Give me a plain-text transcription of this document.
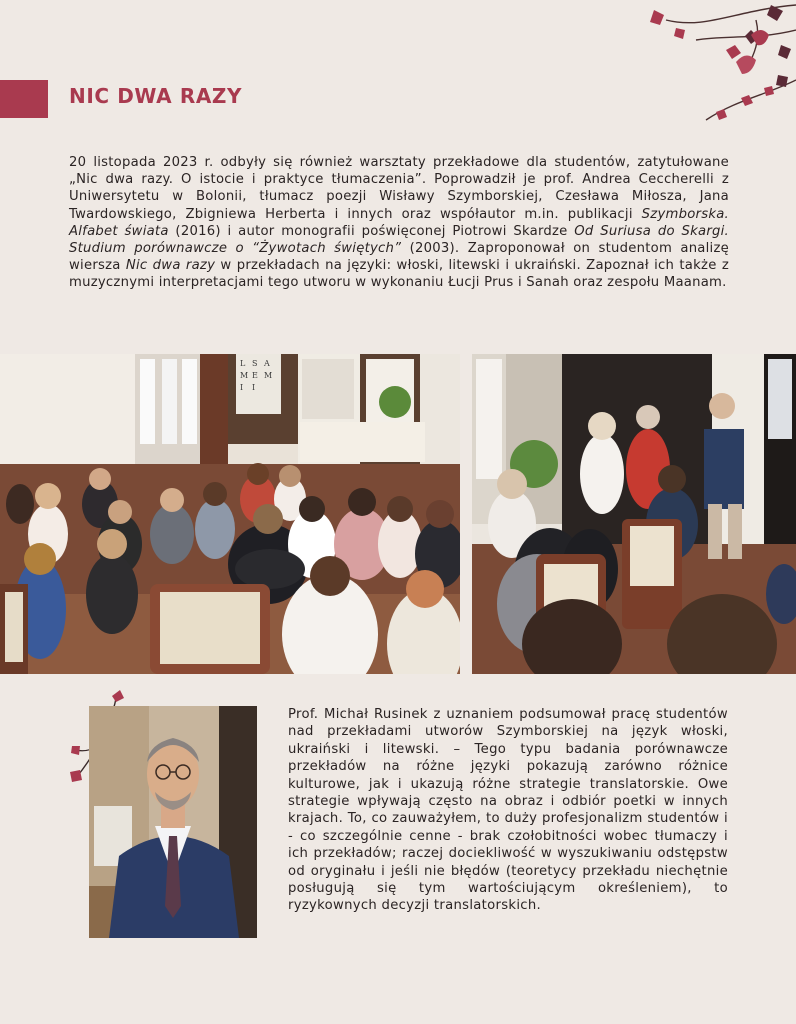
NIC DWA RAZY

20 listopada 2023 r. odbyły się również warsztaty przekładowe dla studentów, zatytułowane „Nic dwa razy. O istocie i praktyce tłumaczenia”. Poprowadził je prof. Andrea Ceccherelli z Uniwersytetu w Bolonii, tłumacz poezji Wisławy Szymborskiej, Czesława Miłosza, Jana Twardowskiego, Zbigniewa Herberta i innych oraz współautor m.in. publikacji Szymborska. Alfabet świata (2016) i autor monografii poświęconej Piotrowi Skardze Od Suriusa do Skargi. Studium porównawcze o “Żywotach świętych” (2003). Zaproponował on studentom analizę wiersza Nic dwa razy w przekładach na języki: włoski, litewski i ukraiński. Zapoznał ich także z muzycznymi interpretacjami tego utworu w wykonaniu Łucji Prus i Sanah oraz zespołu Maanam.

L S A
M E M
I I

Prof. Michał Rusinek z uznaniem podsumował pracę studentów nad przekładami utworów Szymborskiej na język włoski, ukraiński i litewski. – Tego typu badania porównawcze przekładów na różne języki pokazują zarówno różnice kulturowe, jak i ukazują różne strategie translatorskie. Owe strategie wpływają często na obraz i odbiór poetki w innych krajach. To, co zauważyłem, to duży profesjonalizm studentów i - co szczególnie cenne - brak czołobitności wobec tłumaczy i ich przekładów; raczej dociekliwość w wyszukiwaniu odstępstw od oryginału i jeśli nie błędów (teoretycy przekładu niechętnie posługują się tym wartościującym określeniem), to ryzykownych decyzji translatorskich.
